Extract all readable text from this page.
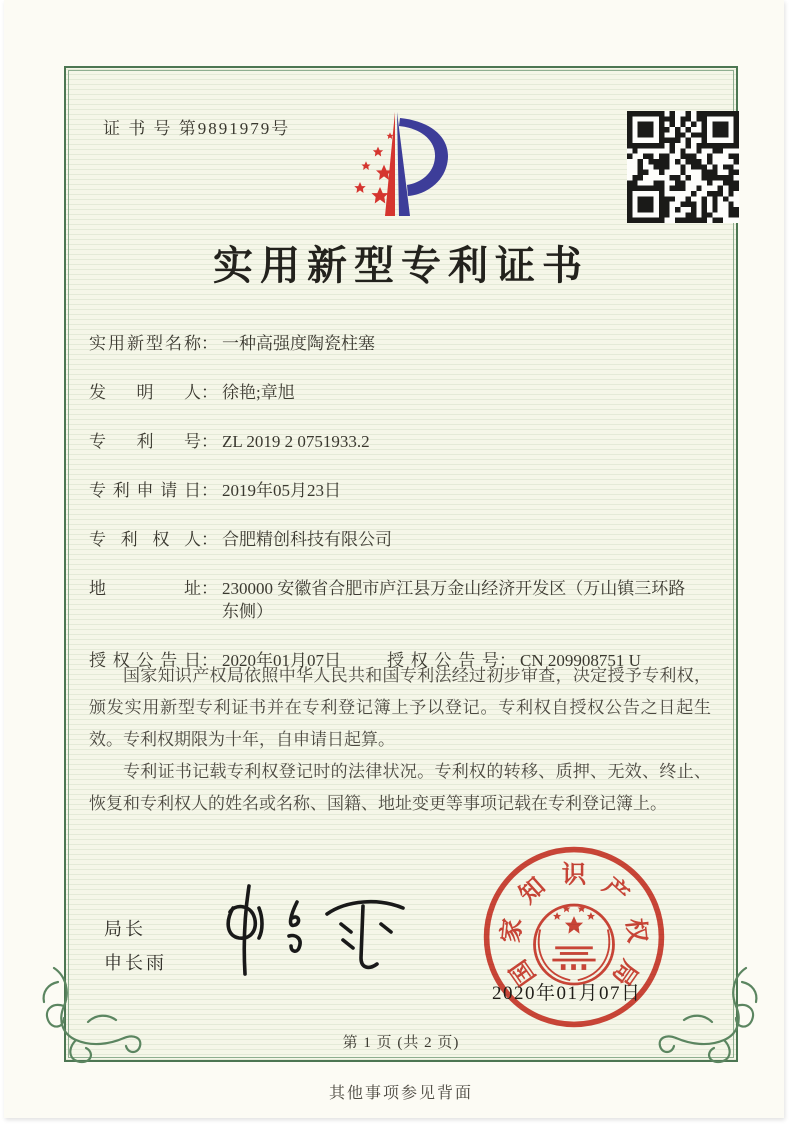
证 书 号 第9891979号
实用新型专利证书
实用新型名称 ： 一种高强度陶瓷柱塞
发明人 ： 徐艳;章旭
专利号 ： ZL 2019 2 0751933.2
专利申请日 ： 2019年05月23日
专利权人 ： 合肥精创科技有限公司
地址 ： 230000 安徽省合肥市庐江县万金山经济开发区（万山镇三环路东侧）
授权公告日 ： 2020年01月07日	授权公告号 ： CN 209908751 U

国家知识产权局依照中华人民共和国专利法经过初步审查，决定授予专利权，颁发实用新型专利证书并在专利登记簿上予以登记。专利权自授权公告之日起生效。专利权期限为十年，自申请日起算。

专利证书记载专利权登记时的法律状况。专利权的转移、质押、无效、终止、恢复和专利权人的姓名或名称、国籍、地址变更等事项记载在专利登记簿上。

局长
申长雨	国
家
知 识 产
权
局
2020年01月07日
第 1 页 (共 2 页)
其他事项参见背面
